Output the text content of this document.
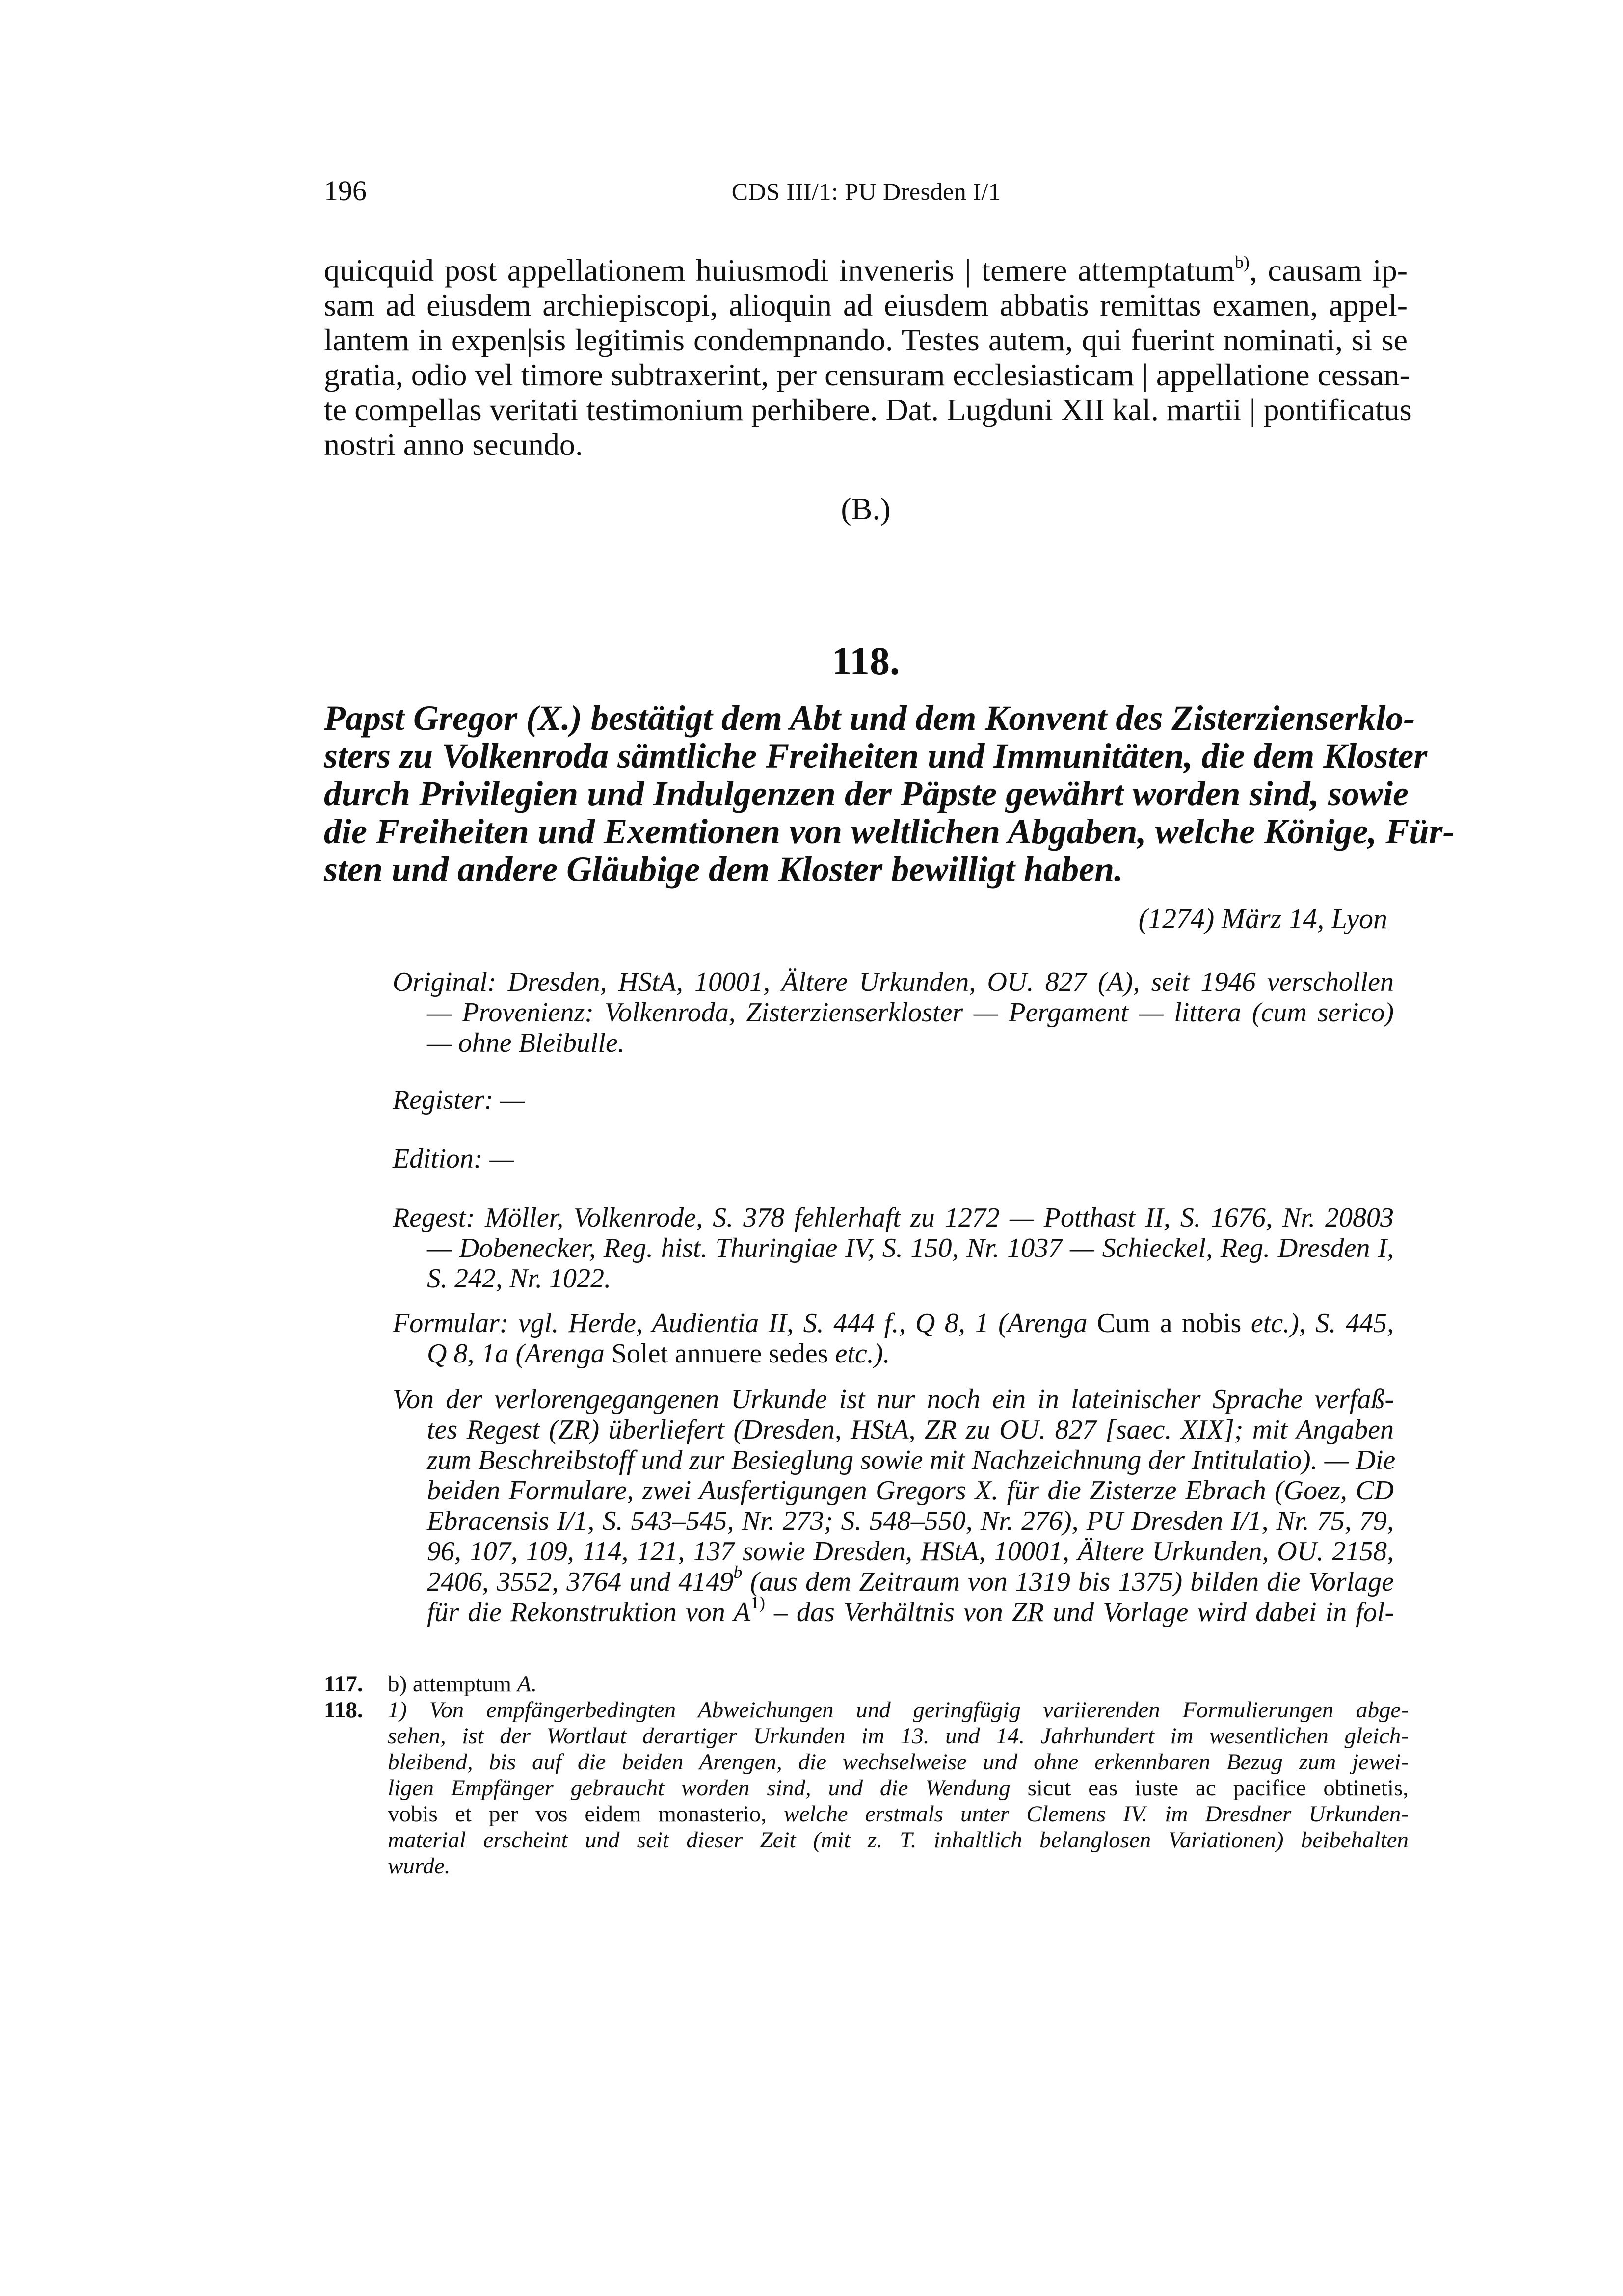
196	CDS III/1: PU Dresden I/1
quicquid post appellationem huiusmodi inveneris | temere attemptatum$^{b)}$, causam ip-
sam ad eiusdem archiepiscopi, alioquin ad eiusdem abbatis remittas examen, appel-
lantem in expen|sis legitimis condempnando. Testes autem, qui fuerint nominati, si se
gratia, odio vel timore subtraxerint, per censuram ecclesiasticam | appellatione cessan-
te compellas veritati testimonium perhibere. Dat. Lugduni XII kal. martii | pontificatus
nostri anno secundo.
(B.)
118.
Papst Gregor (X.) bestätigt dem Abt und dem Konvent des Zisterzienserklo-
sters zu Volkenroda sämtliche Freiheiten und Immunitäten, die dem Kloster
durch Privilegien und Indulgenzen der Päpste gewährt worden sind, sowie
die Freiheiten und Exemtionen von weltlichen Abgaben, welche Könige, Für-
sten und andere Gläubige dem Kloster bewilligt haben.
(1274) März 14, Lyon
Original: Dresden, HStA, 10001, Ältere Urkunden, OU. 827 (A), seit 1946 verschollen
— Provenienz: Volkenroda, Zisterzienserkloster — Pergament — littera (cum serico)
— ohne Bleibulle.
Register: —
Edition: —
Regest: Möller, Volkenrode, S. 378 fehlerhaft zu 1272 — Potthast II, S. 1676, Nr. 20803
— Dobenecker, Reg. hist. Thuringiae IV, S. 150, Nr. 1037 — Schieckel, Reg. Dresden I,
S. 242, Nr. 1022.
Formular: vgl. Herde, Audientia II, S. 444 f., Q 8, 1 (Arenga Cum a nobis etc.), S. 445,
Q 8, 1a (Arenga Solet annuere sedes etc.).
Von der verlorengegangenen Urkunde ist nur noch ein in lateinischer Sprache verfaß-
tes Regest (ZR) überliefert (Dresden, HStA, ZR zu OU. 827 [saec. XIX]; mit Angaben
zum Beschreibstoff und zur Besieglung sowie mit Nachzeichnung der Intitulatio). — Die
beiden Formulare, zwei Ausfertigungen Gregors X. für die Zisterze Ebrach (Goez, CD
Ebracensis I/1, S. 543–545, Nr. 273; S. 548–550, Nr. 276), PU Dresden I/1, Nr. 75, 79,
96, 107, 109, 114, 121, 137 sowie Dresden, HStA, 10001, Ältere Urkunden, OU. 2158,
2406, 3552, 3764 und 4149$^b$ (aus dem Zeitraum von 1319 bis 1375) bilden die Vorlage
für die Rekonstruktion von $A^{1)}$ – das Verhältnis von ZR und Vorlage wird dabei in fol-
117. b) attemptum A.
118. 1) Von empfängerbedingten Abweichungen und geringfügig variierenden Formulierungen abge-
sehen, ist der Wortlaut derartiger Urkunden im 13. und 14. Jahrhundert im wesentlichen gleich-
bleibend, bis auf die beiden Arengen, die wechselweise und ohne erkennbaren Bezug zum jewei-
ligen Empfänger gebraucht worden sind, und die Wendung sicut eas iuste ac pacifice obtinetis,
vobis et per vos eidem monasterio, welche erstmals unter Clemens IV. im Dresdner Urkunden-
material erscheint und seit dieser Zeit (mit z. T. inhaltlich belanglosen Variationen) beibehalten
wurde.
